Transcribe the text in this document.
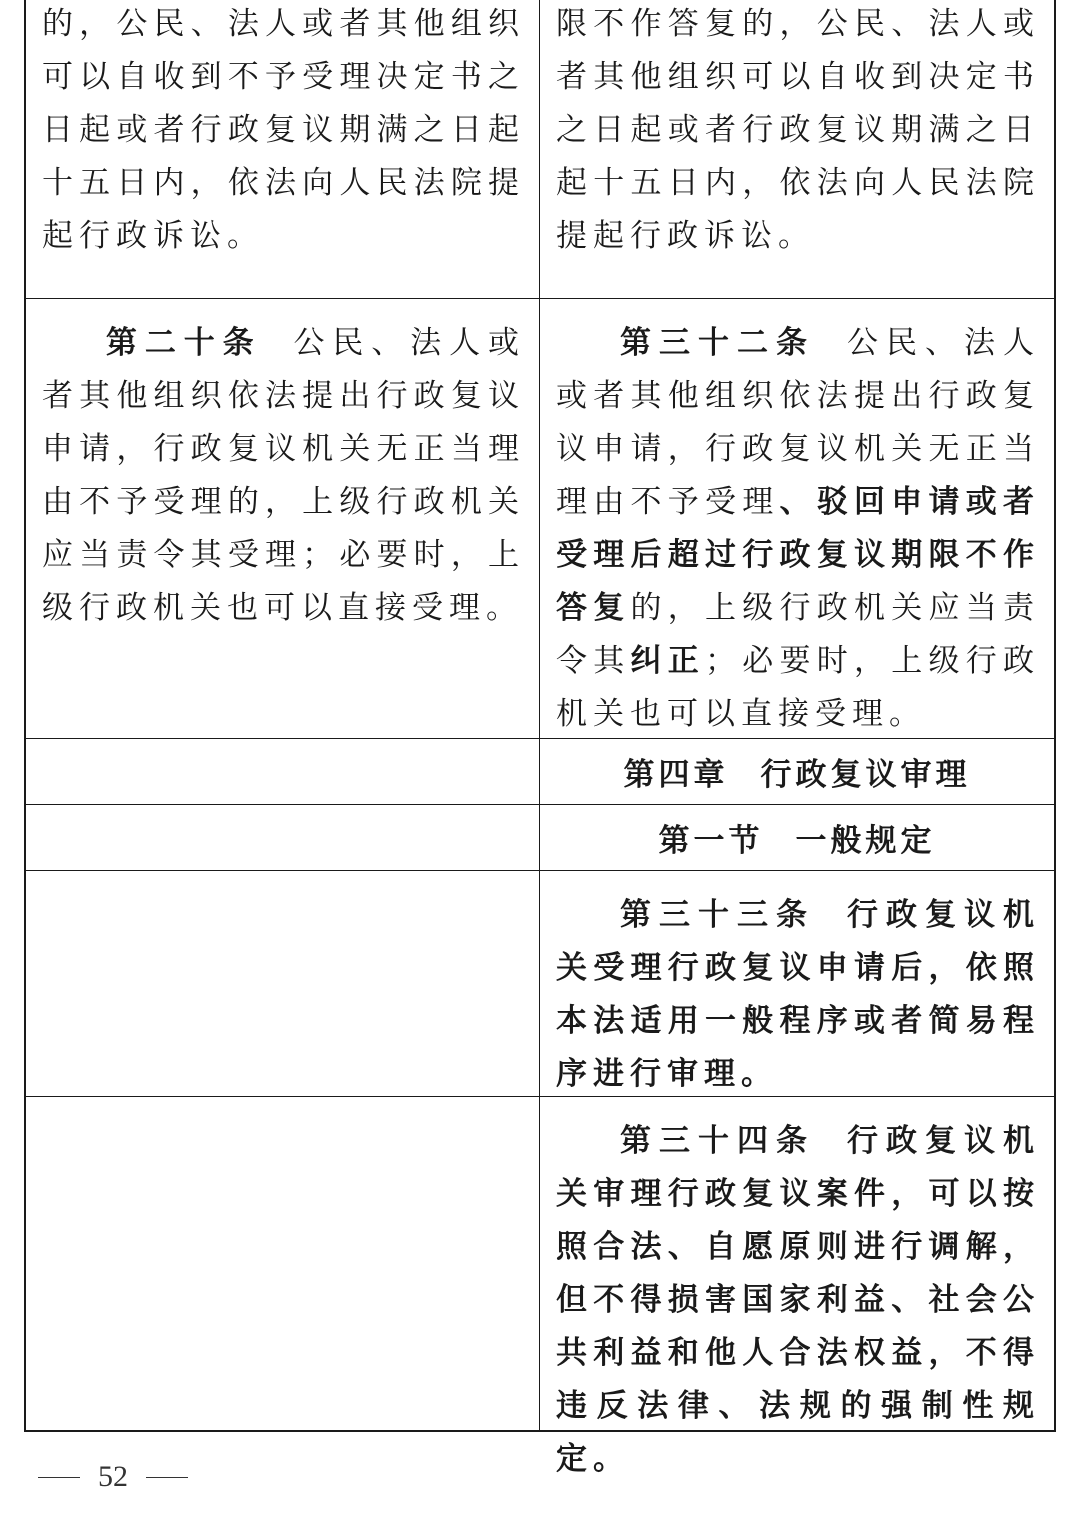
的，公民、法人或者其他组织可以自收到不予受理决定书之日起或者行政复议期满之日起十五日内，依法向人民法院提起行政诉讼。

限不作答复的，公民、法人或者其他组织可以自收到决定书之日起或者行政复议期满之日起十五日内，依法向人民法院提起行政诉讼。

第二十条 公民、法人或者其他组织依法提出行政复议申请，行政复议机关无正当理由不予受理的，上级行政机关应当责令其受理；必要时，上级行政机关也可以直接受理。

第三十二条 公民、法人或者其他组织依法提出行政复议申请，行政复议机关无正当理由不予受理、驳回申请或者受理后超过行政复议期限不作答复的，上级行政机关应当责令其纠正；必要时，上级行政机关也可以直接受理。

第四章 行政复议审理

第一节 一般规定

第三十三条 行政复议机关受理行政复议申请后，依照本法适用一般程序或者简易程序进行审理。

第三十四条 行政复议机关审理行政复议案件，可以按照合法、自愿原则进行调解，但不得损害国家利益、社会公共利益和他人合法权益，不得违反法律、法规的强制性规定。

52
